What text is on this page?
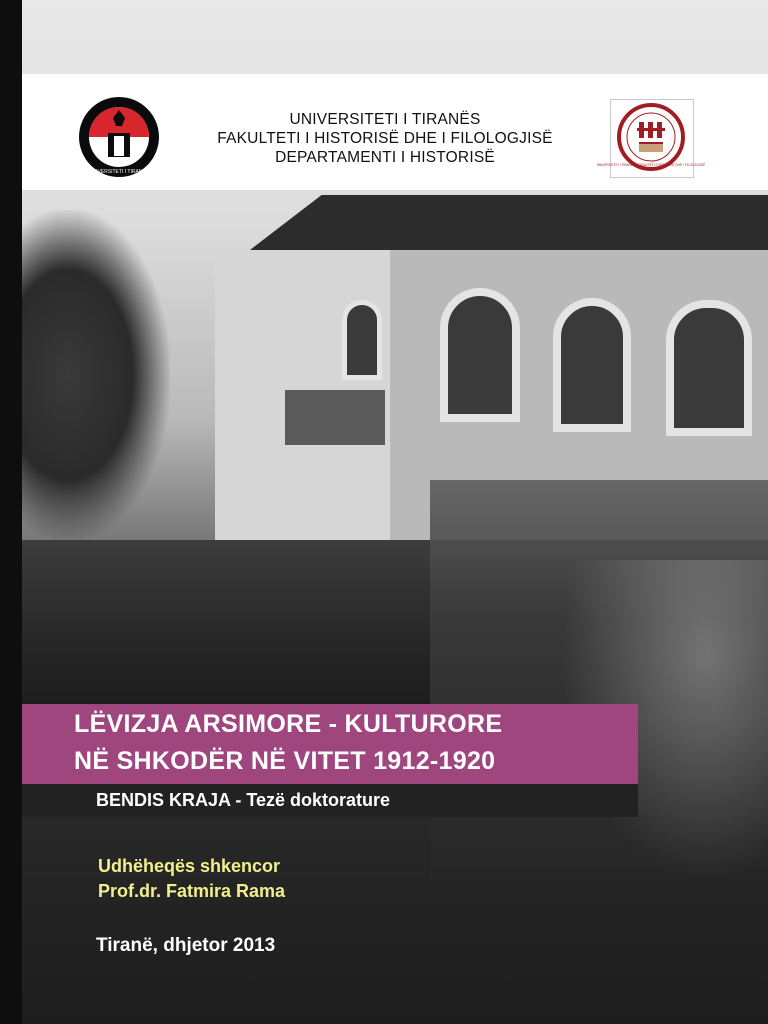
UNIVERSITETI I TIRANËS
UNIVERSITETI I TIRANËS
FAKULTETI I HISTORISË DHE I FILOLOGJISË
DEPARTAMENTI I HISTORISË	UNIVERSITETI I TIRANËS · FAKULTETI I HISTORISË DHE I FILOLOGJISË
LËVIZJA ARSIMORE - KULTURORE
NË SHKODËR NË VITET 1912-1920
BENDIS KRAJA - Tezë doktorature
Udhëheqës shkencor
Prof.dr. Fatmira Rama
Tiranë, dhjetor 2013
